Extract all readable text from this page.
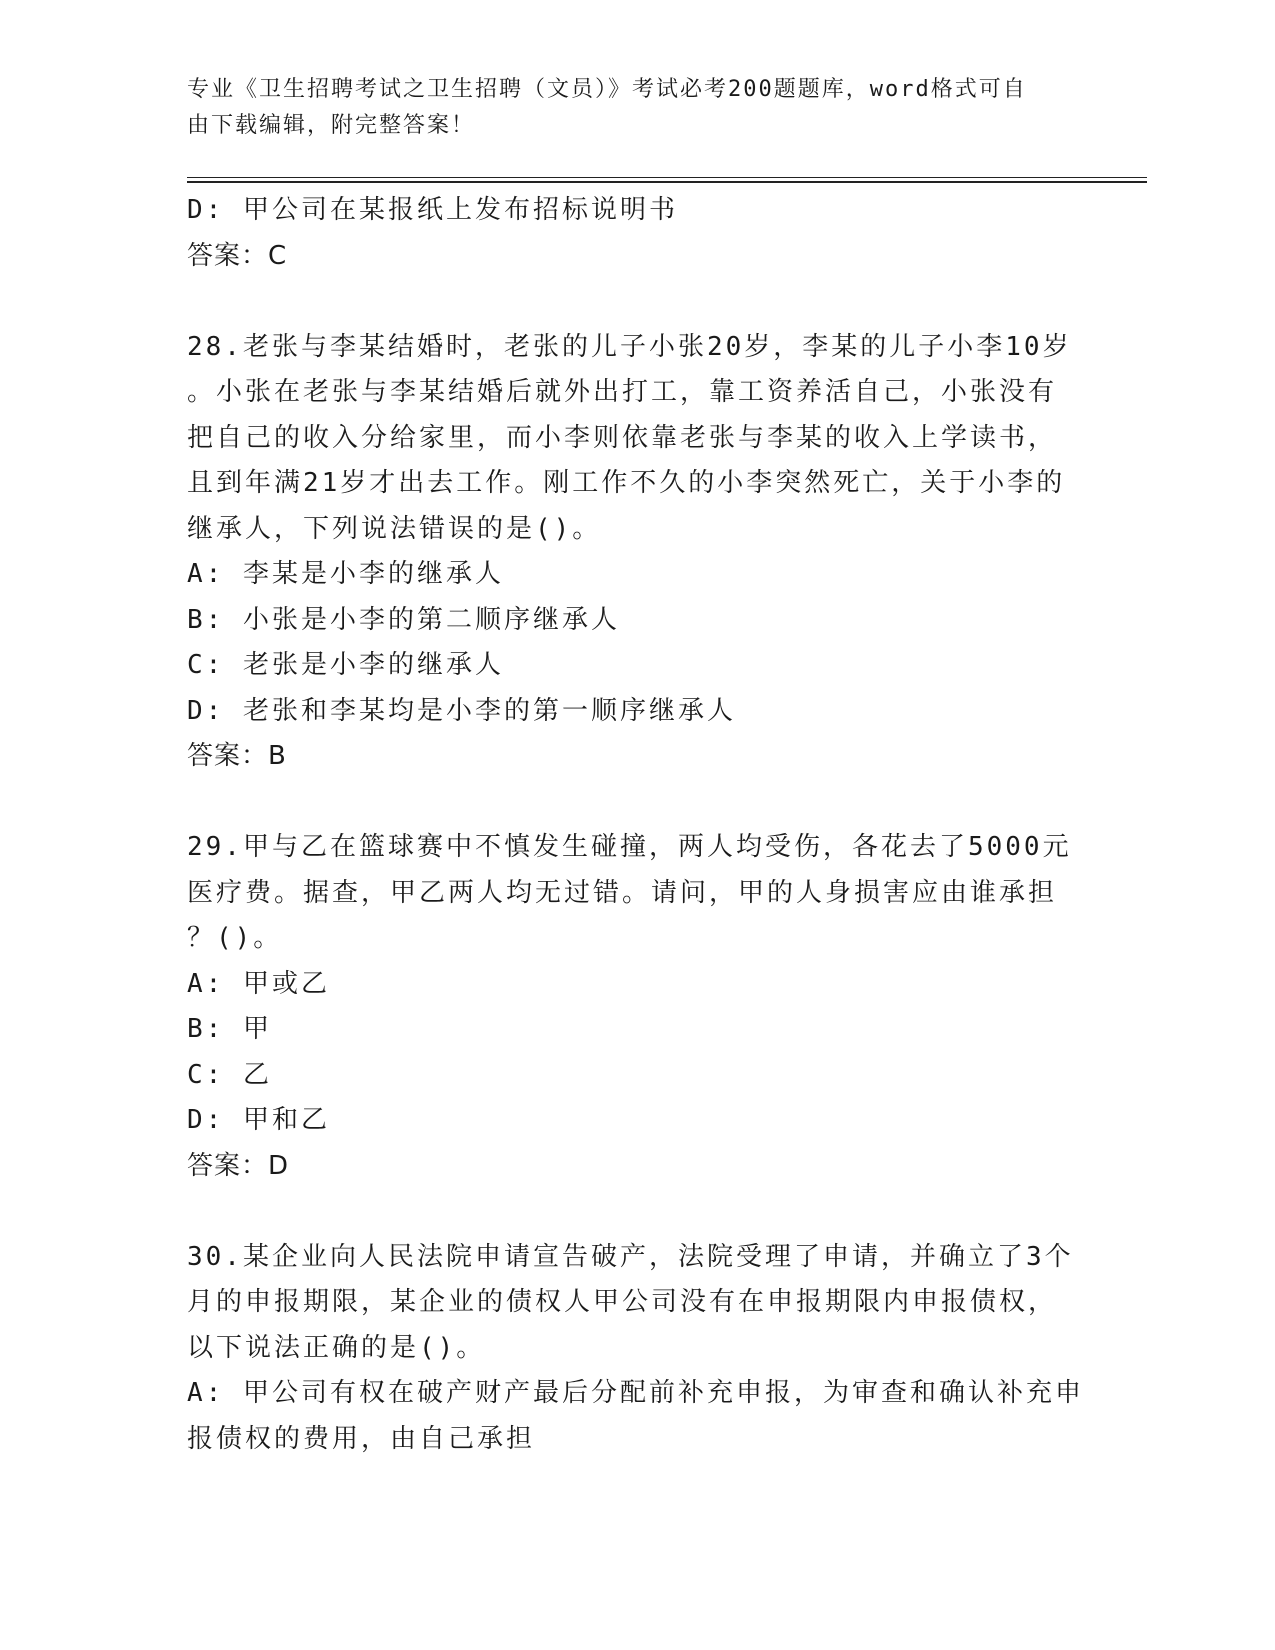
专业《卫生招聘考试之卫生招聘（文员）》考试必考200题题库，word格式可自
由下载编辑，附完整答案！
D: 甲公司在某报纸上发布招标说明书
答案：C
28.老张与李某结婚时，老张的儿子小张20岁，李某的儿子小李10岁
。小张在老张与李某结婚后就外出打工，靠工资养活自己，小张没有
把自己的收入分给家里，而小李则依靠老张与李某的收入上学读书，
且到年满21岁才出去工作。刚工作不久的小李突然死亡，关于小李的
继承人，下列说法错误的是()。
A: 李某是小李的继承人
B: 小张是小李的第二顺序继承人
C: 老张是小李的继承人
D: 老张和李某均是小李的第一顺序继承人
答案：B
29.甲与乙在篮球赛中不慎发生碰撞，两人均受伤，各花去了5000元
医疗费。据查，甲乙两人均无过错。请问，甲的人身损害应由谁承担
？()。
A: 甲或乙
B: 甲
C: 乙
D: 甲和乙
答案：D
30.某企业向人民法院申请宣告破产，法院受理了申请，并确立了3个
月的申报期限，某企业的债权人甲公司没有在申报期限内申报债权，
以下说法正确的是()。
A: 甲公司有权在破产财产最后分配前补充申报，为审查和确认补充申
报债权的费用，由自己承担
